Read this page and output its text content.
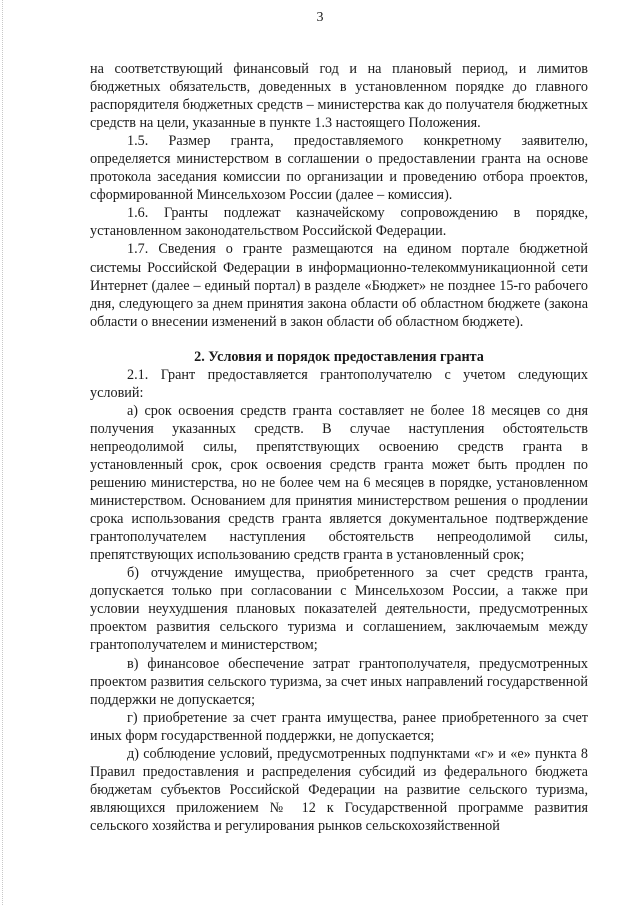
3

на соответствующий финансовый год и на плановый период, и лимитов бюджетных обязательств, доведенных в установленном порядке до главного распорядителя бюджетных средств – министерства как до получателя бюджетных средств на цели, указанные в пункте 1.3 настоящего Положения.

1.5. Размер гранта, предоставляемого конкретному заявителю, определяется министерством в соглашении о предоставлении гранта на основе протокола заседания комиссии по организации и проведению отбора проектов, сформированной Минсельхозом России (далее – комиссия).

1.6. Гранты подлежат казначейскому сопровождению в порядке, установленном законодательством Российской Федерации.

1.7. Сведения о гранте размещаются на едином портале бюджетной системы Российской Федерации в информационно-телекоммуникационной сети Интернет (далее – единый портал) в разделе «Бюджет» не позднее 15-го рабочего дня, следующего за днем принятия закона области об областном бюджете (закона области о внесении изменений в закон области об областном бюджете).

2. Условия и порядок предоставления гранта

2.1. Грант предоставляется грантополучателю с учетом следующих условий:

а) срок освоения средств гранта составляет не более 18 месяцев со дня получения указанных средств. В случае наступления обстоятельств непреодолимой силы, препятствующих освоению средств гранта в установленный срок, срок освоения средств гранта может быть продлен по решению министерства, но не более чем на 6 месяцев в порядке, установленном министерством. Основанием для принятия министерством решения о продлении срока использования средств гранта является документальное подтверждение грантополучателем наступления обстоятельств непреодолимой силы, препятствующих использованию средств гранта в установленный срок;

б) отчуждение имущества, приобретенного за счет средств гранта, допускается только при согласовании с Минсельхозом России, а также при условии неухудшения плановых показателей деятельности, предусмотренных проектом развития сельского туризма и соглашением, заключаемым между грантополучателем и министерством;

в) финансовое обеспечение затрат грантополучателя, предусмотренных проектом развития сельского туризма, за счет иных направлений государственной поддержки не допускается;

г) приобретение за счет гранта имущества, ранее приобретенного за счет иных форм государственной поддержки, не допускается;

д) соблюдение условий, предусмотренных подпунктами «г» и «е» пункта 8 Правил предоставления и распределения субсидий из федерального бюджета бюджетам субъектов Российской Федерации на развитие сельского туризма, являющихся приложением № 12 к Государственной программе развития сельского хозяйства и регулирования рынков сельскохозяйственной
